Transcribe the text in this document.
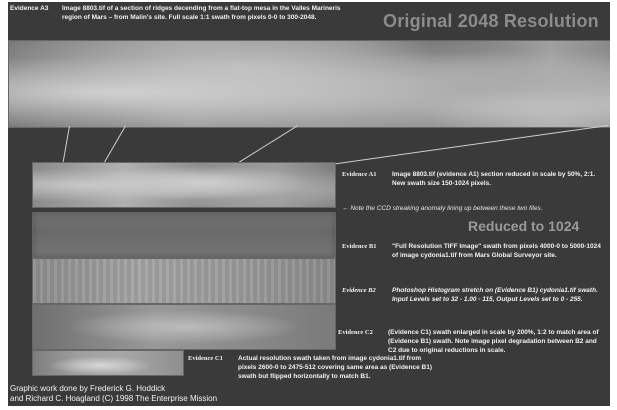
Evidence A3	Image 8803.tif of a section of ridges decending from a flat-top mesa in the Valles Marineris region of Mars – from Malin's site. Full scale 1:1 swath from pixels 0-0 to 300-2048.	Original 2048 Resolution
Evidence A1	Image 8803.tif (evidence A1) section reduced in scale by 50%, 2:1. New swath size 150-1024 pixels.
← Note the CCD streaking anomaly lining up between these two files.
Reduced to 1024
Evidence B1	"Full Resolution TIFF Image" swath from pixels 4000-0 to 5000-1024 of image cydonia1.tif from Mars Global Surveyor site.
Evidence B2	Photoshop Histogram stretch on (Evidence B1) cydonia1.tif swath. Input Levels set to 32 - 1.00 - 115, Output Levels set to 0 - 255.
Evidence C2	(Evidence C1) swath enlarged in scale by 200%, 1:2 to match area of (Evidence B1) swath. Note image pixel degradation between B2 and C2 due to original reductions in scale.
Evidence C1	Actual resolution swath taken from image cydonia1.tif from pixels 2600-0 to 2475-512 covering same area as (Evidence B1) swath but flipped horizontally to match B1.
Graphic work done by Frederick G. Hoddick
and Richard C. Hoagland (C) 1998 The Enterprise Mission
